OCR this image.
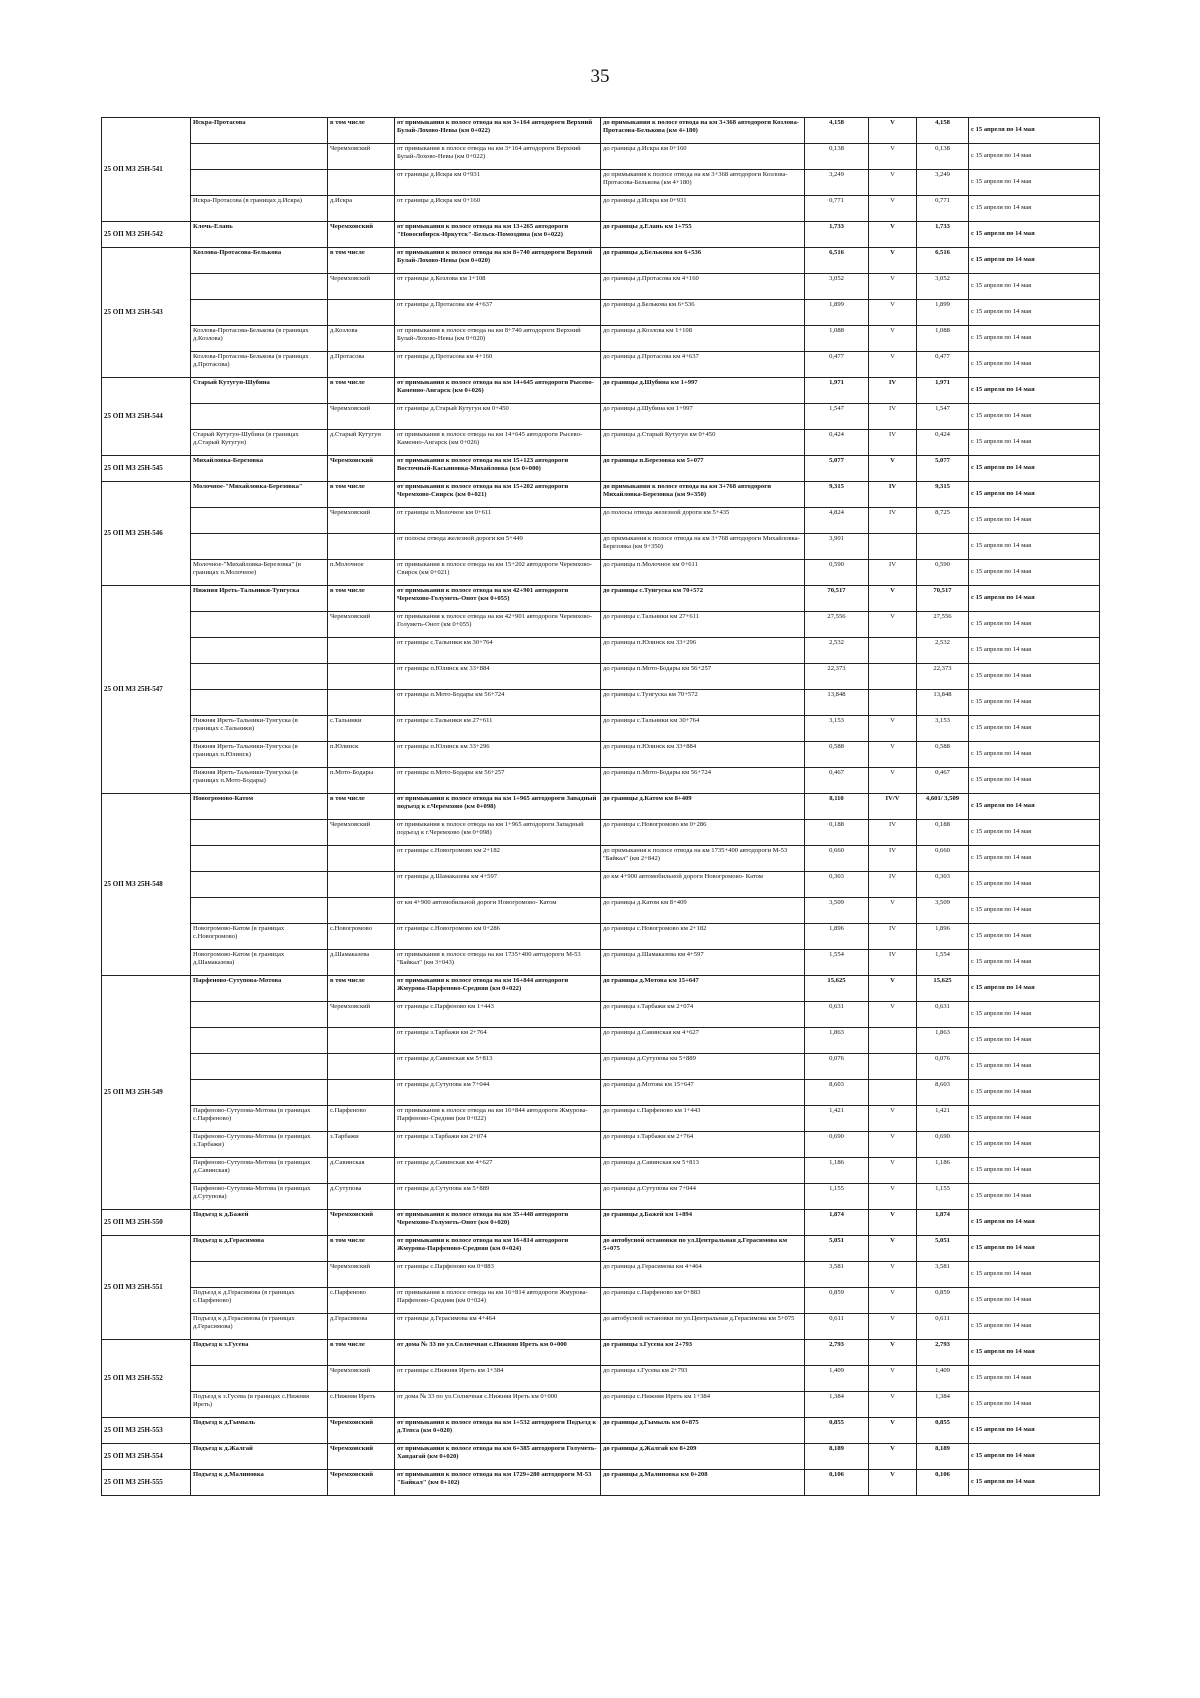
35
25 ОП МЗ 25Н-541	Искра-Протасова	в том числе	от примыкания к полосе отвода на км 3+164 автодороги Верхний Булай-Лохово-Невы (км 0+022)	до примыкания к полосе отвода на км 3+368 автодороги Козлова-Протасова-Белькова (км 4+180)	4,158	V	4,158	с 15 апреля по 14 мая
		Черемховский	от примыкания к полосе отвода на км 3+164 автодороги Верхний Булай-Лохово-Невы (км 0+022)	до границы д.Искра км 0+160	0,138	V	0,138	с 15 апреля по 14 мая
			от границы д.Искра км 0+931	до примыкания к полосе отвода на км 3+368 автодороги Козлова-Протасова-Белькова (км 4+180)	3,249	V	3,249	с 15 апреля по 14 мая
	Искра-Протасова (в границах д.Искра)	д.Искра	от границы д.Искра км 0+160	до границы д.Искра км 0+931	0,771	V	0,771	с 15 апреля по 14 мая
25 ОП МЗ 25Н-542	Клочь-Елань	Черемховский	от примыкания к полосе отвода на км 13+265 автодороги "Новосибирск-Иркутск"-Бельск-Помоздина (км 0+022)	до границы д.Елань км 1+755	1,733	V	1,733	с 15 апреля по 14 мая
25 ОП МЗ 25Н-543	Козлова-Протасова-Белькова	в том числе	от примыкания к полосе отвода на км 8+740 автодороги Верхний Булай-Лохово-Невы (км 0+020)	до границы д.Белькова км 6+536	6,516	V	6,516	с 15 апреля по 14 мая
		Черемховский	от границы д.Козлова км 1+108	до границы д.Протасова км 4+160	3,052	V	3,052	с 15 апреля по 14 мая
			от границы д.Протасова км 4+637	до границы д.Белькова км 6+536	1,899	V	1,899	с 15 апреля по 14 мая
	Козлова-Протасова-Белькова (в границах д.Козлова)	д.Козлова	от примыкания к полосе отвода на км 8+740 автодороги Верхний Булай-Лохово-Невы (км 0+020)	до границы д.Козлова км 1+108	1,088	V	1,088	с 15 апреля по 14 мая
	Козлова-Протасова-Белькова (в границах д.Протасова)	д.Протасова	от границы д.Протасова км 4+160	до границы д.Протасова км 4+637	0,477	V	0,477	с 15 апреля по 14 мая
25 ОП МЗ 25Н-544	Старый Кутугун-Шубина	в том числе	от примыкания к полосе отвода на км 14+645 автодороги Рысево-Каменно-Ангарск (км 0+026)	до границы д.Шубина км 1+997	1,971	IV	1,971	с 15 апреля по 14 мая
		Черемховский	от границы д.Старый Кутугун км 0+450	до границы д.Шубина км 1+997	1,547	IV	1,547	с 15 апреля по 14 мая
	Старый Кутугун-Шубина (в границах д.Старый Кутугун)	д.Старый Кутугун	от примыкания к полосе отвода на км 14+645 автодороги Рысево-Каменно-Ангарск (км 0+026)	до границы д.Старый Кутугун км 0+450	0,424	IV	0,424	с 15 апреля по 14 мая
25 ОП МЗ 25Н-545	Михайловка-Березовка	Черемховский	от примыкания к полосе отвода на км 15+123 автодороги Восточный-Касьяновка-Михайловка (км 0+000)	до границы п.Березовка км 5+077	5,077	V	5,077	с 15 апреля по 14 мая
25 ОП МЗ 25Н-546	Молочное-"Михайловка-Березовка"	в том числе	от примыкания к полосе отвода на км 15+202 автодороги Черемхово-Свирск (км 0+021)	до примыкания к полосе отвода на км 3+768 автодороги Михайловка-Березовка (км 9+350)	9,315	IV	9,315	с 15 апреля по 14 мая
		Черемховский	от границы п.Молочное км 0+611	до полосы отвода железной дороги км 5+435	4,824	IV	8,725	с 15 апреля по 14 мая
			от полосы отвода железной дороги км 5+449	до примыкания к полосе отвода на км 3+768 автодороги Михайловка-Березовка (км 9+350)	3,901			с 15 апреля по 14 мая
	Молочное-"Михайловка-Березовка" (в границах п.Молочное)	п.Молочное	от примыкания к полосе отвода на км 15+202 автодороги Черемхово-Свирск (км 0+021)	до границы п.Молочное км 0+611	0,590	IV	0,590	с 15 апреля по 14 мая
25 ОП МЗ 25Н-547	Нижняя Иреть-Тальники-Тунгуска	в том числе	от примыкания к полосе отвода на км 42+901 автодороги Черемхово-Голуметь-Онот (км 0+055)	до границы с.Тунгуска км 70+572	70,517	V	70,517	с 15 апреля по 14 мая
		Черемховский	от примыкания к полосе отвода на км 42+901 автодороги Черемхово-Голуметь-Онот (км 0+055)	до границы с.Тальники км 27+611	27,556	V	27,556	с 15 апреля по 14 мая
			от границы с.Тальники км 30+764	до границы п.Юлинск км 33+296	2,532		2,532	с 15 апреля по 14 мая
			от границы п.Юлинск км 33+884	до границы п.Мото-Бодары км 56+257	22,373		22,373	с 15 апреля по 14 мая
			от границы п.Мото-Бодары км 56+724	до границы с.Тунгуска км 70+572	13,848		13,848	с 15 апреля по 14 мая
	Нижняя Иреть-Тальники-Тунгуска (в границах с.Тальники)	с.Тальники	от границы с.Тальники км 27+611	до границы с.Тальники км 30+764	3,153	V	3,153	с 15 апреля по 14 мая
	Нижняя Иреть-Тальники-Тунгуска (в границах п.Юлинск)	п.Юлинск	от границы п.Юлинск км 33+296	до границы п.Юлинск км 33+884	0,588	V	0,588	с 15 апреля по 14 мая
	Нижняя Иреть-Тальники-Тунгуска (в границах п.Мото-Бодары)	п.Мото-Бодары	от границы п.Мото-Бодары км 56+257	до границы п.Мото-Бодары км 56+724	0,467	V	0,467	с 15 апреля по 14 мая
25 ОП МЗ 25Н-548	Новогромово-Катом	в том числе	от примыкания к полосе отвода на км 1+965 автодороги Западный подъезд к г.Черемхово (км 0+098)	до границы д.Катом км 8+409	8,110	IV/V	4,601/ 3,509	с 15 апреля по 14 мая
		Черемховский	от примыкания к полосе отвода на км 1+965 автодороги Западный подъезд к г.Черемхово (км 0+098)	до границы с.Новогромово км 0+286	0,188	IV	0,188	с 15 апреля по 14 мая
			от границы с.Новогромово км 2+182	до примыкания к полосе отвода на км 1735+400 автодороги М-53 "Байкал" (км 2+842)	0,660	IV	0,660	с 15 апреля по 14 мая
			от границы д.Шамаказева км 4+597	до км 4+900 автомобильной дороги Новогромово- Катом	0,303	IV	0,303	с 15 апреля по 14 мая
			от км 4+900 автомобильной дороги Новогромово- Катом	до границы д.Катом км 8+409	3,509	V	3,509	с 15 апреля по 14 мая
	Новогромово-Катом (в границах с.Новогромово)	с.Новогромово	от границы с.Новогромово км 0+286	до границы с.Новогромово км 2+182	1,896	IV	1,896	с 15 апреля по 14 мая
	Новогромово-Катом (в границах д.Шамаказева)	д.Шамаказева	от примыкания к полосе отвода на км 1735+400 автодороги М-53 "Байкал" (км 3+043)	до границы д.Шамаказева км 4+597	1,554	IV	1,554	с 15 апреля по 14 мая
25 ОП МЗ 25Н-549	Парфеново-Сутупова-Мотова	в том числе	от примыкания к полосе отвода на км 16+844 автодороги Жмурова-Парфеново-Средняя (км 0+022)	до границы д.Мотова км 15+647	15,625	V	15,625	с 15 апреля по 14 мая
		Черемховский	от границы с.Парфеново км 1+443	до границы з.Тарбажи км 2+074	0,631	V	0,631	с 15 апреля по 14 мая
			от границы з.Тарбажи км 2+764	до границы д.Савинская км 4+627	1,863		1,863	с 15 апреля по 14 мая
			от границы д.Савинская км 5+813	до границы д.Сутупова км 5+889	0,076		0,076	с 15 апреля по 14 мая
			от границы д.Сутупова км 7+044	до границы д.Мотова км 15+647	8,603		8,603	с 15 апреля по 14 мая
	Парфеново-Сутупова-Мотова (в границах с.Парфеново)	с.Парфеново	от примыкания к полосе отвода на км 16+844 автодороги Жмурова-Парфеново-Средняя (км 0+022)	до границы с.Парфеново км 1+443	1,421	V	1,421	с 15 апреля по 14 мая
	Парфеново-Сутупова-Мотова (в границах з.Тарбажи)	з.Тарбажи	от границы з.Тарбажи км 2+074	до границы з.Тарбажи км 2+764	0,690	V	0,690	с 15 апреля по 14 мая
	Парфеново-Сутупова-Мотова (в границах д.Савинская)	д.Савинская	от границы д.Савинская км 4+627	до границы д.Савинская км 5+813	1,186	V	1,186	с 15 апреля по 14 мая
	Парфеново-Сутупова-Мотова (в границах д.Сутупова)	д.Сутупова	от границы д.Сутупова км 5+889	до границы д.Сутупова км 7+044	1,155	V	1,155	с 15 апреля по 14 мая
25 ОП МЗ 25Н-550	Подъезд к д.Бажей	Черемховский	от примыкания к полосе отвода на км 35+448 автодороги Черемхово-Голуметь-Онот (км 0+020)	до границы д.Бажей км 1+894	1,874	V	1,874	с 15 апреля по 14 мая
25 ОП МЗ 25Н-551	Подъезд к д.Герасимова	в том числе	от примыкания к полосе отвода на км 16+814 автодороги Жмурова-Парфеново-Средняя (км 0+024)	до автобусной остановки по ул.Центральная д.Герасимова км 5+075	5,051	V	5,051	с 15 апреля по 14 мая
		Черемховский	от границы с.Парфеново км 0+883	до границы д.Герасимова км 4+464	3,581	V	3,581	с 15 апреля по 14 мая
	Подъезд к д.Герасимова (в границах с.Парфеново)	с.Парфеново	от примыкания к полосе отвода на км 16+814 автодороги Жмурова-Парфеново-Средняя (км 0+024)	до границы с.Парфеново км 0+883	0,859	V	0,859	с 15 апреля по 14 мая
	Подъезд к д.Герасимова (в границах д.Герасимова)	д.Герасимова	от границы д.Герасимова км 4+464	до автобусной остановки по ул.Центральная д.Герасимова км 5+075	0,611	V	0,611	с 15 апреля по 14 мая
25 ОП МЗ 25Н-552	Подъезд к з.Гусева	в том числе	от дома № 33 по ул.Солнечная с.Нижняя Иреть км 0+000	до границы з.Гусева км 2+793	2,793	V	2,793	с 15 апреля по 14 мая
		Черемховский	от границы с.Нижняя Иреть км 1+384	до границы з.Гусева км 2+793	1,409	V	1,409	с 15 апреля по 14 мая
	Подъезд к з.Гусева (в границах с.Нижняя Иреть)	с.Нижняя Иреть	от дома № 33 по ул.Солнечная с.Нижняя Иреть км 0+000	до границы с.Нижняя Иреть км 1+384	1,384	V	1,384	с 15 апреля по 14 мая
25 ОП МЗ 25Н-553	Подъезд к д.Гымыль	Черемховский	от примыкания к полосе отвода на км 1+532 автодороги Подъезд к д.Тепса (км 0+020)	до границы д.Гымыль км 0+875	0,855	V	0,855	с 15 апреля по 14 мая
25 ОП МЗ 25Н-554	Подъезд к д.Жалгай	Черемховский	от примыкания к полосе отвода на км 6+385 автодороги Голуметь-Хандагай (км 0+020)	до границы д.Жалгай км 8+209	8,189	V	8,189	с 15 апреля по 14 мая
25 ОП МЗ 25Н-555	Подъезд к д.Малиновка	Черемховский	от примыкания к полосе отвода на км 1729+280 автодороги М-53 "Байкал" (км 0+102)	до границы д.Малиновка км 0+208	0,106	V	0,106	с 15 апреля по 14 мая
